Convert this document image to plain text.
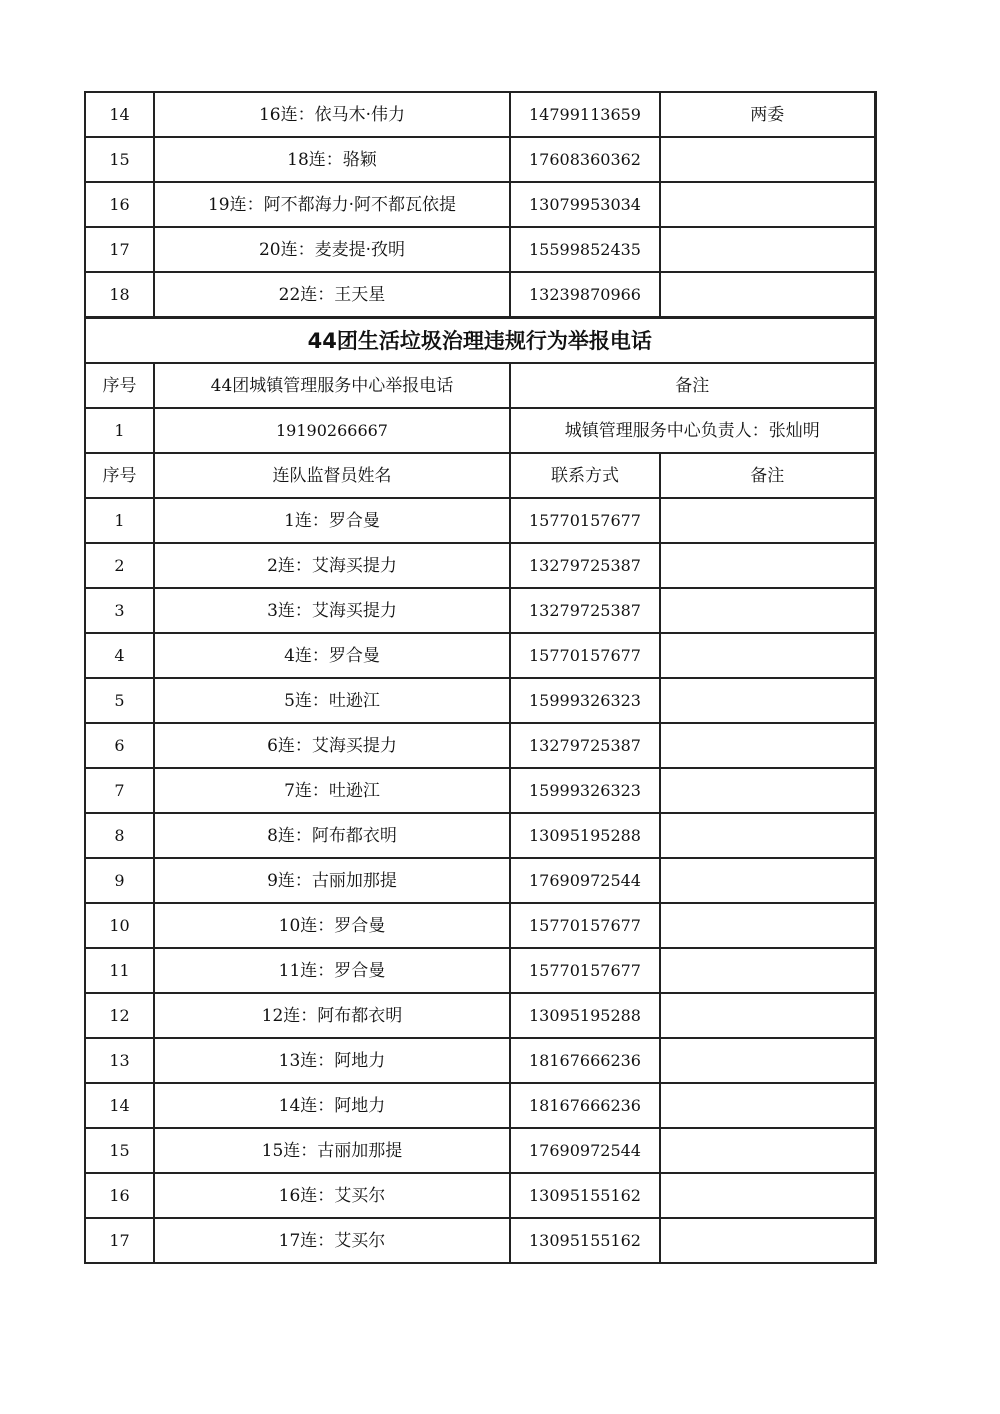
14	16连：依马木·伟力	14799113659	两委
15	18连：骆颖	17608360362	
16	19连：阿不都海力·阿不都瓦依提	13079953034	
17	20连：麦麦提·孜明	15599852435	
18	22连：王天星	13239870966	
44团生活垃圾治理违规行为举报电话			
序号	44团城镇管理服务中心举报电话	备注	
1	19190266667	城镇管理服务中心负责人：张灿明	
序号	连队监督员姓名	联系方式	备注
1	1连：罗合曼	15770157677	
2	2连：艾海买提力	13279725387	
3	3连：艾海买提力	13279725387	
4	4连：罗合曼	15770157677	
5	5连：吐逊江	15999326323	
6	6连：艾海买提力	13279725387	
7	7连：吐逊江	15999326323	
8	8连：阿布都衣明	13095195288	
9	9连：古丽加那提	17690972544	
10	10连：罗合曼	15770157677	
11	11连：罗合曼	15770157677	
12	12连：阿布都衣明	13095195288	
13	13连：阿地力	18167666236	
14	14连：阿地力	18167666236	
15	15连：古丽加那提	17690972544	
16	16连：艾买尔	13095155162	
17	17连：艾买尔	13095155162	
